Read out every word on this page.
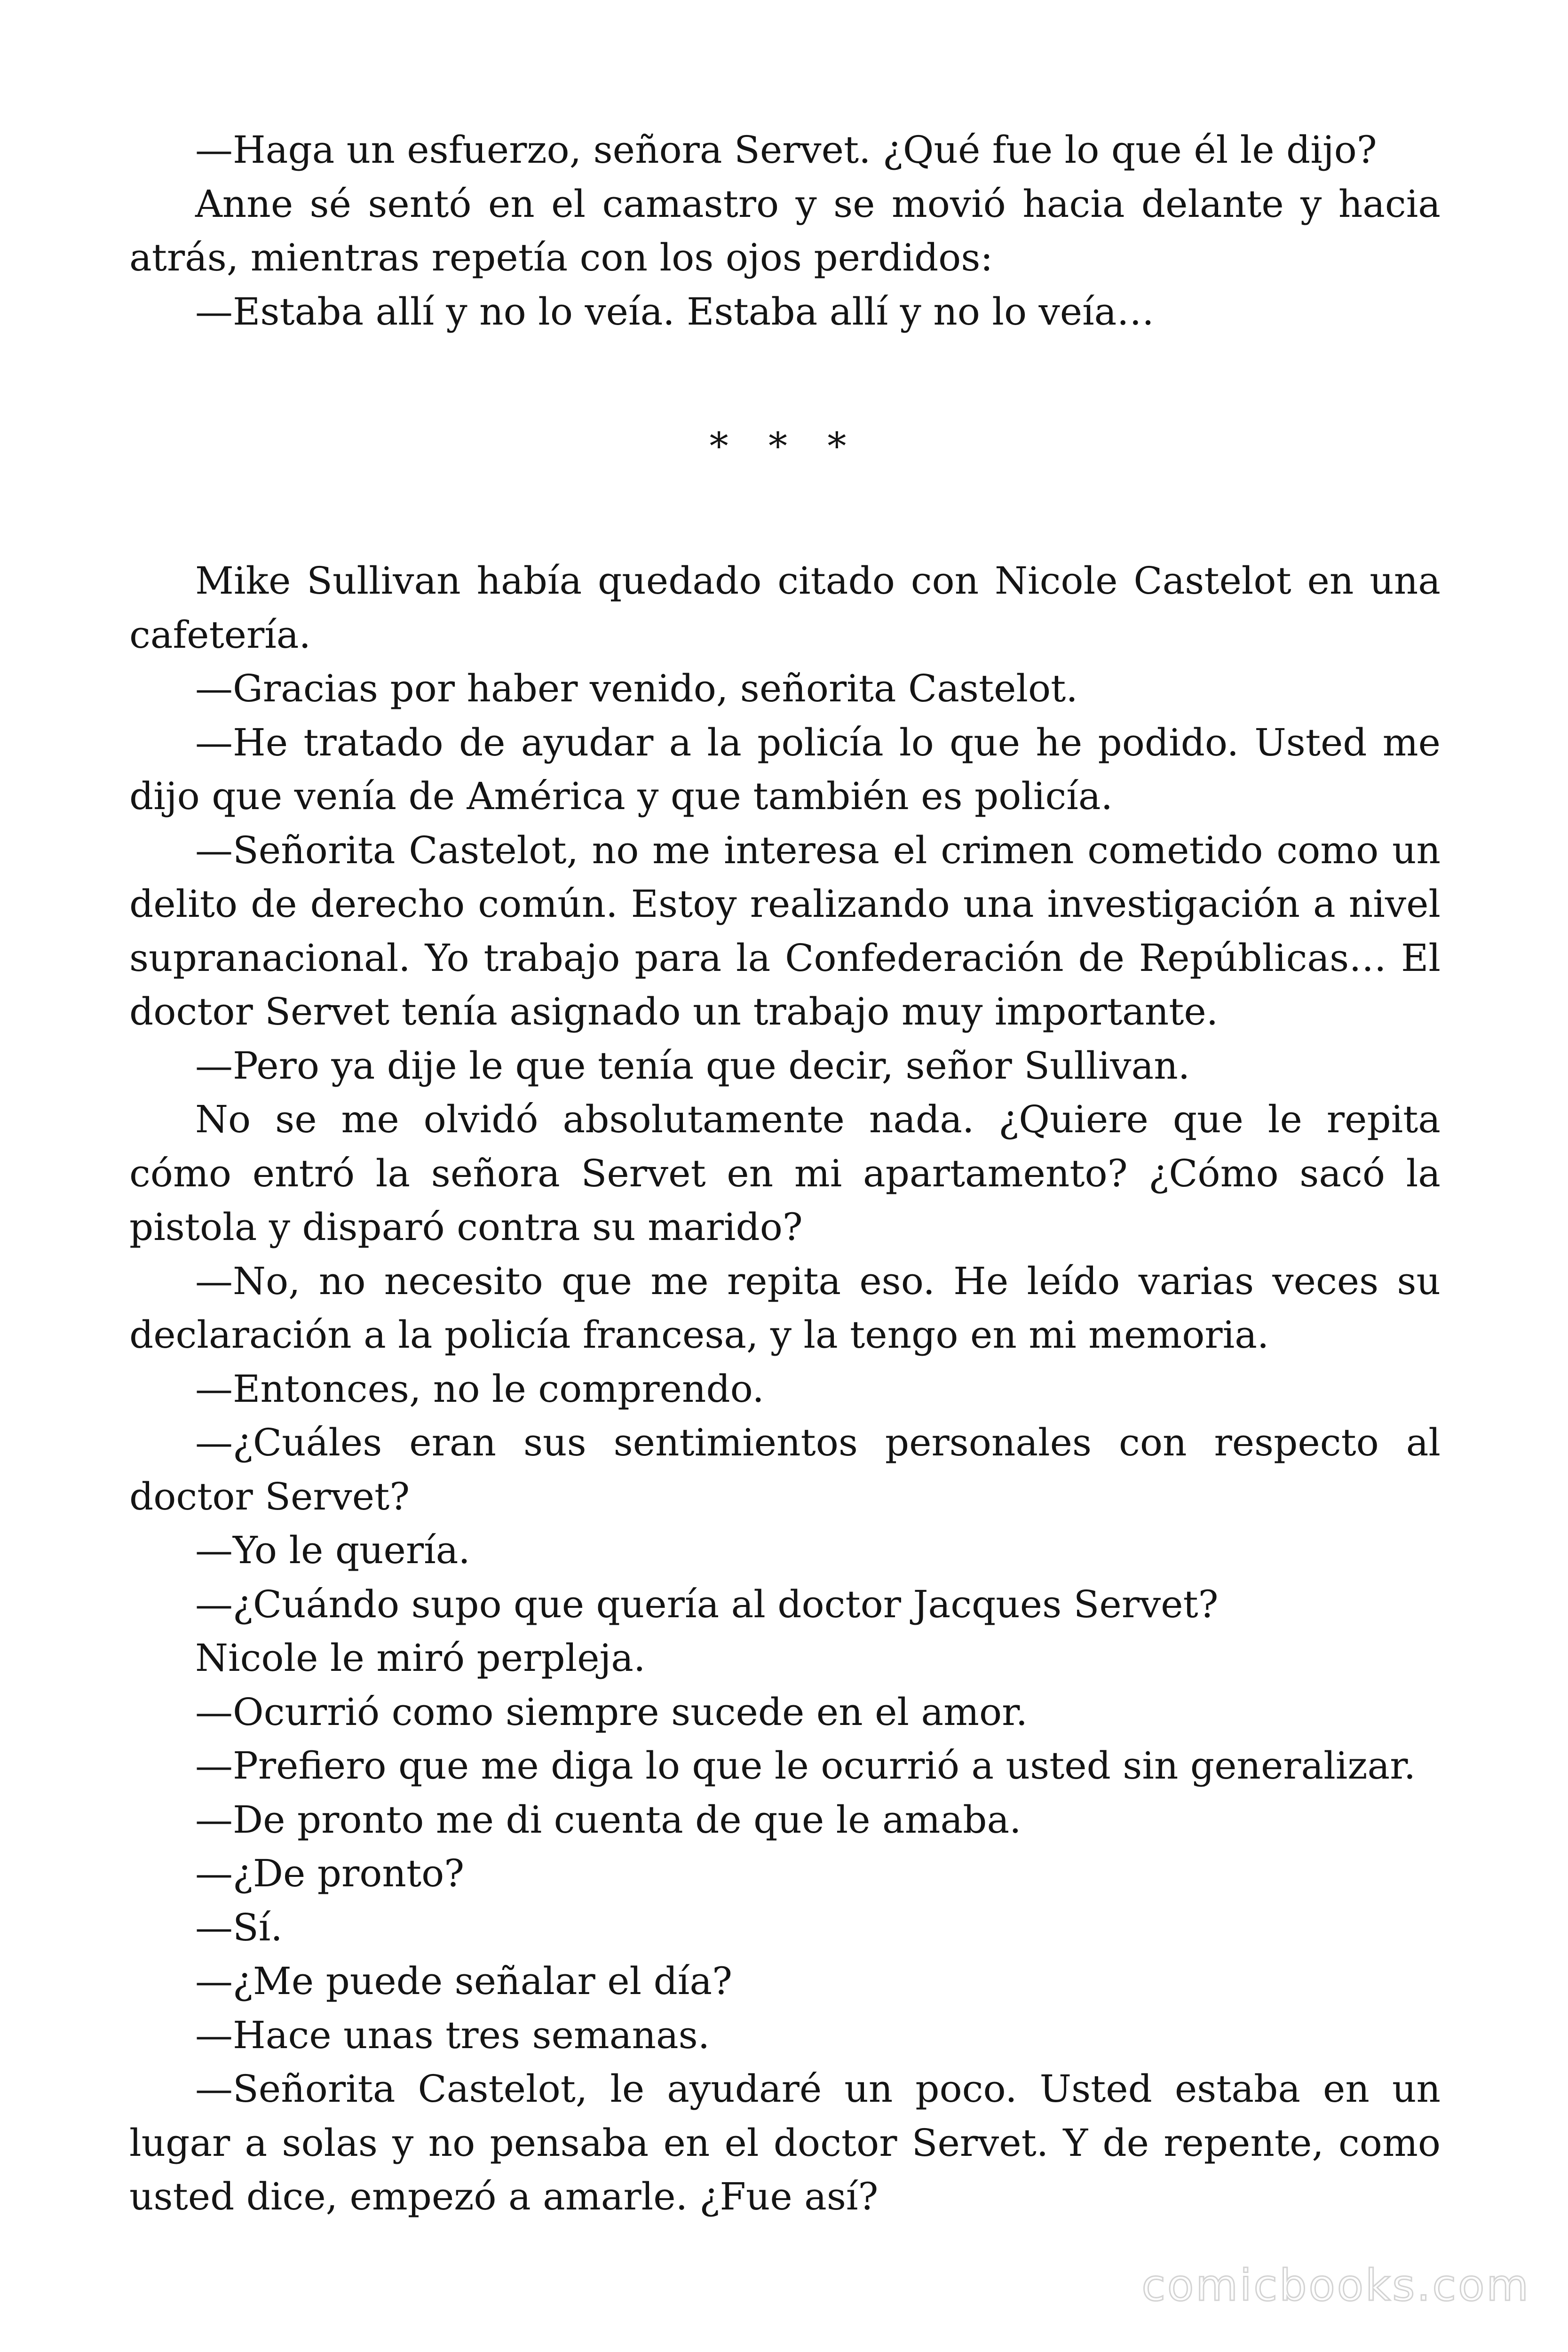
—Haga un esfuerzo, señora Servet. ¿Qué fue lo que él le dijo?

Anne sé sentó en el camastro y se movió hacia delante y hacia atrás, mientras repetía con los ojos perdidos:

—Estaba allí y no lo veía. Estaba allí y no lo veía…

* * *

Mike Sullivan había quedado citado con Nicole Castelot en una cafetería.

—Gracias por haber venido, señorita Castelot.

—He tratado de ayudar a la policía lo que he podido. Usted me dijo que venía de América y que también es policía.

—Señorita Castelot, no me interesa el crimen cometido como un delito de derecho común. Estoy realizando una investigación a nivel supranacional. Yo trabajo para la Confederación de Repúblicas… El doctor Servet tenía asignado un trabajo muy importante.

—Pero ya dije le que tenía que decir, señor Sullivan.

No se me olvidó absolutamente nada. ¿Quiere que le repita cómo entró la señora Servet en mi apartamento? ¿Cómo sacó la pistola y disparó contra su marido?

—No, no necesito que me repita eso. He leído varias veces su declaración a la policía francesa, y la tengo en mi memoria.

—Entonces, no le comprendo.

—¿Cuáles eran sus sentimientos personales con respecto al doctor Servet?

—Yo le quería.

—¿Cuándo supo que quería al doctor Jacques Servet?

Nicole le miró perpleja.

—Ocurrió como siempre sucede en el amor.

—Prefiero que me diga lo que le ocurrió a usted sin generalizar.

—De pronto me di cuenta de que le amaba.

—¿De pronto?

—Sí.

—¿Me puede señalar el día?

—Hace unas tres semanas.

—Señorita Castelot, le ayudaré un poco. Usted estaba en un lugar a solas y no pensaba en el doctor Servet. Y de repente, como usted dice, empezó a amarle. ¿Fue así?

comicbooks.com
